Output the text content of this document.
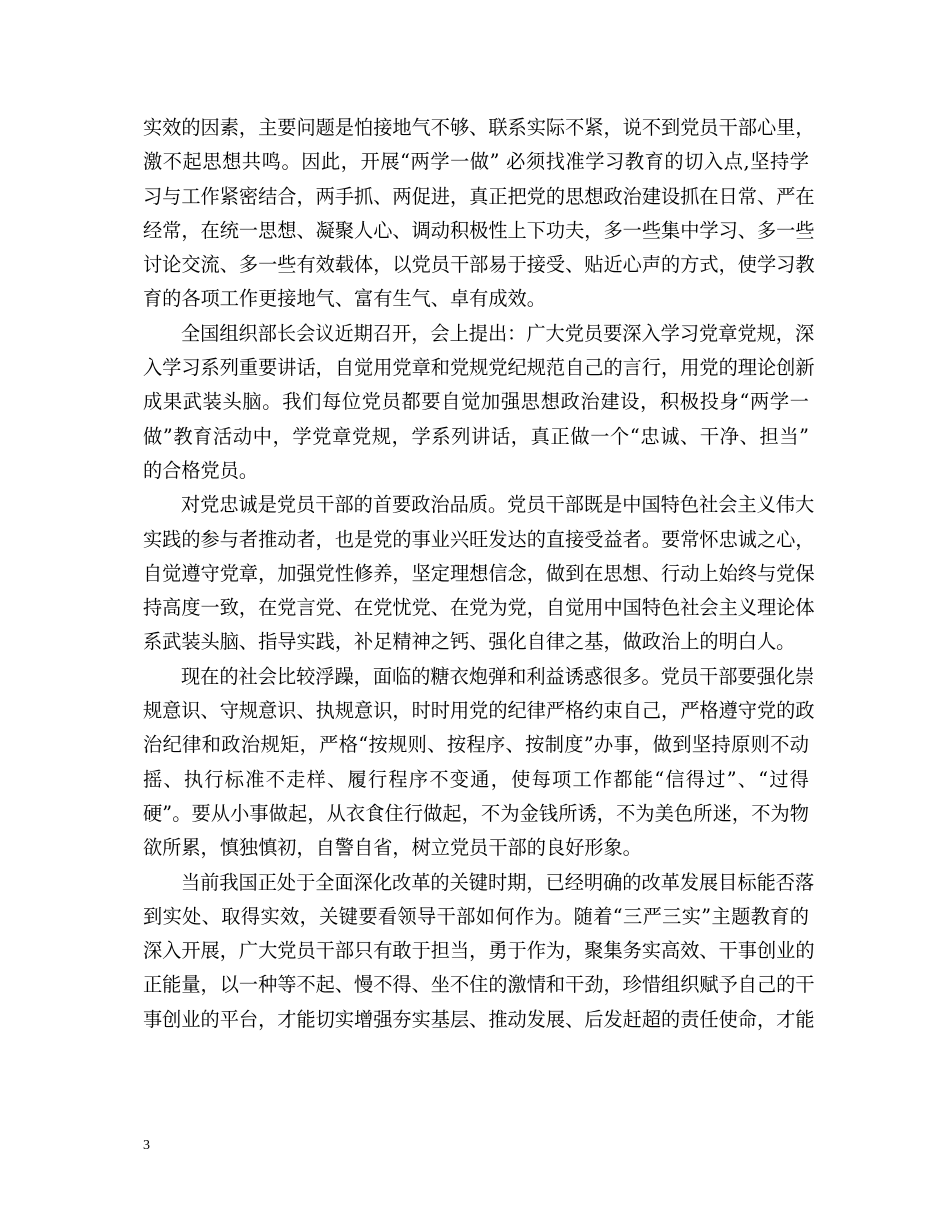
实效的因素，主要问题是怕接地气不够、联系实际不紧，说不到党员干部心里，
激不起思想共鸣。因此，开展“两学一做” 必须找准学习教育的切入点,坚持学
习与工作紧密结合，两手抓、两促进，真正把党的思想政治建设抓在日常、严在
经常，在统一思想、凝聚人心、调动积极性上下功夫，多一些集中学习、多一些
讨论交流、多一些有效载体，以党员干部易于接受、贴近心声的方式，使学习教
育的各项工作更接地气、富有生气、卓有成效。
全国组织部长会议近期召开，会上提出：广大党员要深入学习党章党规，深
入学习系列重要讲话，自觉用党章和党规党纪规范自己的言行，用党的理论创新
成果武装头脑。我们每位党员都要自觉加强思想政治建设，积极投身“两学一
做”教育活动中，学党章党规，学系列讲话，真正做一个“忠诚、干净、担当”
的合格党员。
对党忠诚是党员干部的首要政治品质。党员干部既是中国特色社会主义伟大
实践的参与者推动者，也是党的事业兴旺发达的直接受益者。要常怀忠诚之心，
自觉遵守党章，加强党性修养，坚定理想信念，做到在思想、行动上始终与党保
持高度一致，在党言党、在党忧党、在党为党，自觉用中国特色社会主义理论体
系武装头脑、指导实践，补足精神之钙、强化自律之基，做政治上的明白人。
现在的社会比较浮躁，面临的糖衣炮弹和利益诱惑很多。党员干部要强化崇
规意识、守规意识、执规意识，时时用党的纪律严格约束自己，严格遵守党的政
治纪律和政治规矩，严格“按规则、按程序、按制度”办事，做到坚持原则不动
摇、执行标准不走样、履行程序不变通，使每项工作都能“信得过”、“过得
硬”。要从小事做起，从衣食住行做起，不为金钱所诱，不为美色所迷，不为物
欲所累，慎独慎初，自警自省，树立党员干部的良好形象。
当前我国正处于全面深化改革的关键时期，已经明确的改革发展目标能否落
到实处、取得实效，关键要看领导干部如何作为。随着“三严三实”主题教育的
深入开展，广大党员干部只有敢于担当，勇于作为，聚集务实高效、干事创业的
正能量，以一种等不起、慢不得、坐不住的激情和干劲，珍惜组织赋予自己的干
事创业的平台，才能切实增强夯实基层、推动发展、后发赶超的责任使命，才能
3
